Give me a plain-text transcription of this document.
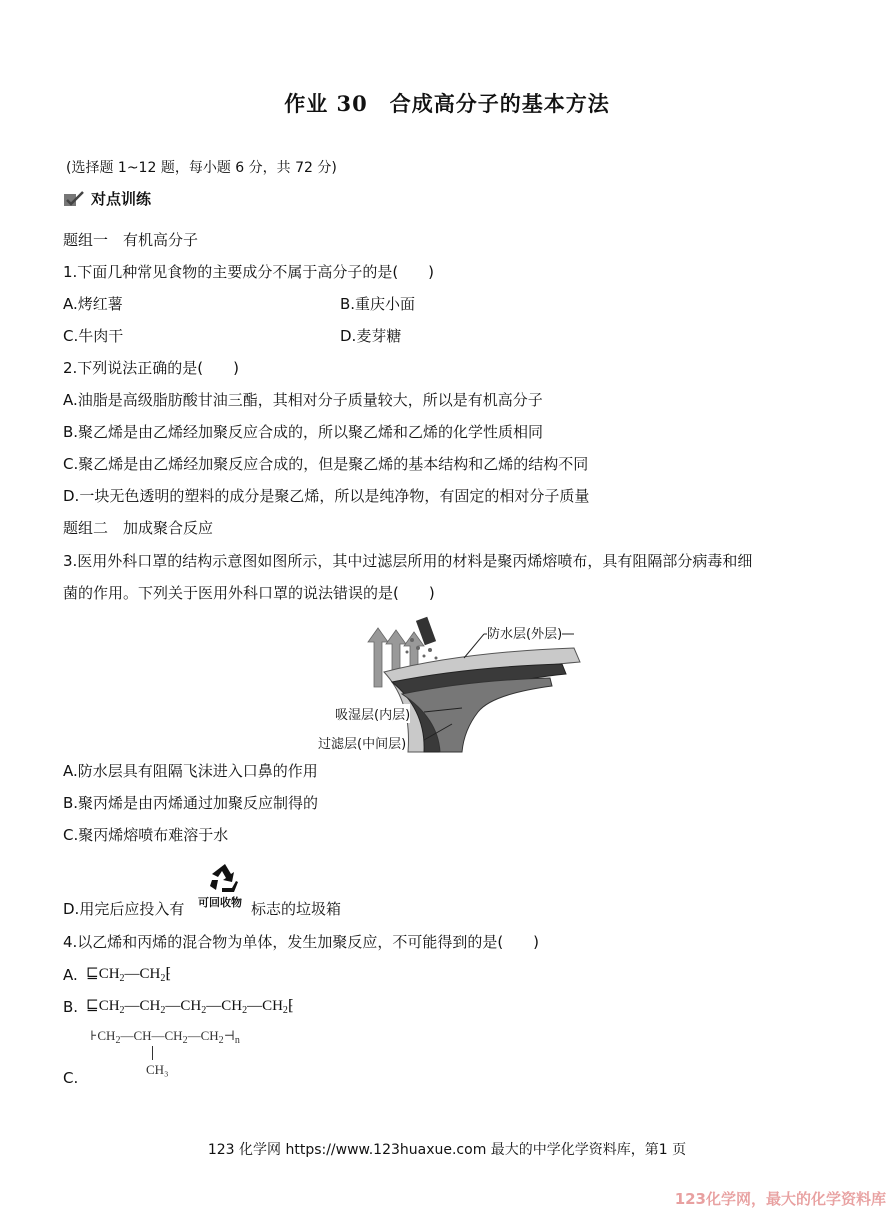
作业 30　合成高分子的基本方法
(选择题 1~12 题，每小题 6 分，共 72 分)
对点训练
题组一　有机高分子
1.下面几种常见食物的主要成分不属于高分子的是(　　)
A.烤红薯	B.重庆小面
C.牛肉干	D.麦芽糖
2.下列说法正确的是(　　)
A.油脂是高级脂肪酸甘油三酯，其相对分子质量较大，所以是有机高分子
B.聚乙烯是由乙烯经加聚反应合成的，所以聚乙烯和乙烯的化学性质相同
C.聚乙烯是由乙烯经加聚反应合成的，但是聚乙烯的基本结构和乙烯的结构不同
D.一块无色透明的塑料的成分是聚乙烯，所以是纯净物，有固定的相对分子质量
题组二　加成聚合反应
3.医用外科口罩的结构示意图如图所示，其中过滤层所用的材料是聚丙烯熔喷布，具有阻隔部分病毒和细
菌的作用。下列关于医用外科口罩的说法错误的是(　　)
防水层(外层)
吸湿层(内层)
过滤层(中间层)
A.防水层具有阻隔飞沫进入口鼻的作用
B.聚丙烯是由丙烯通过加聚反应制得的
C.聚丙烯熔喷布难溶于水
可回收物
D.用完后应投入有	标志的垃圾箱
4.以乙烯和丙烯的混合物为单体，发生加聚反应，不可能得到的是(　　)
A. $⊑CH_2—CH_2⁅$
B. $⊑CH_2—CH_2—CH_2—CH_2—CH_2⁅$
$⊦CH_2—CH—CH_2—CH_2⊣_n$
CH₃
C.
123 化学网 https://www.123huaxue.com 最大的中学化学资料库，第1 页
123化学网，最大的化学资料库
